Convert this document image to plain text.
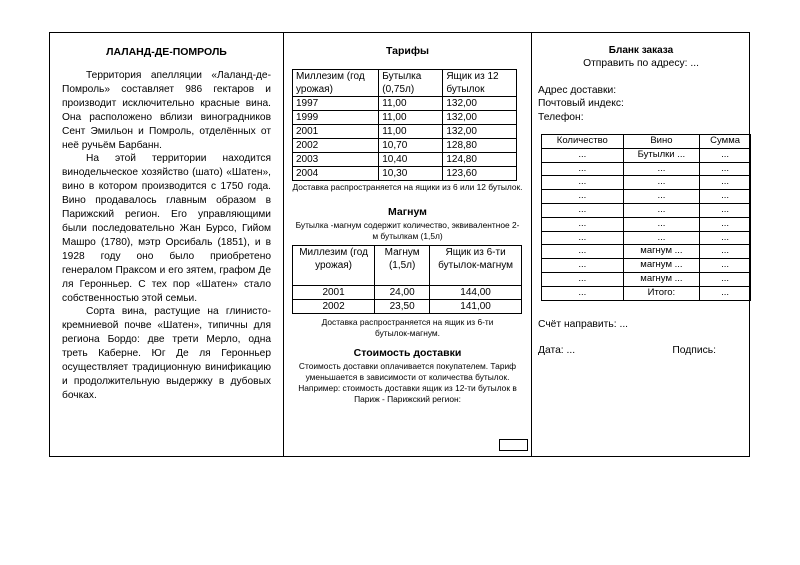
ЛАЛАНД-ДЕ-ПОМРОЛЬ

Территория апелляции «Лаланд-де-Помроль» составляет 986 гектаров и производит исключительно красные вина. Она расположено вблизи виноградников Сент Эмильон и Помроль, отделённых от неё ручьём Барбанн.

На этой территории находится винодельческое хозяйство (шато) «Шатен», вино в котором производится с 1750 года. Вино продавалось главным образом в Парижский регион. Его управляющими были последовательно Жан Бурсо, Гийом Машро (1780), мэтр Орсибаль (1851), и в 1928 году оно было приобретено генералом Праксом и его зятем, графом Де ля Геронньер. С тех пор «Шатен» стало собственностью этой семьи.

Сорта вина, растущие на глинисто-кремниевой почве «Шатен», типичны для региона Бордо: две трети Мерло, одна треть Каберне. Юг Де ля Геронньер осуществляет традиционную винификацию и продолжительную выдержку в дубовых бочках.

Тарифы

Миллезим (год урожая)	Бутылка (0,75л)	Ящик из 12 бутылок
1997	11,00	132,00
1999	11,00	132,00
2001	11,00	132,00
2002	10,70	128,80
2003	10,40	124,80
2004	10,30	123,60

Доставка распространяется на ящики из 6 или 12 бутылок.

Магнум

Бутылка -магнум содержит количество, эквивалентное 2-м бутылкам (1,5л)

Миллезим (год урожая)	Магнум (1,5л)	Ящик из 6-ти бутылок-магнум
2001	24,00	144,00
2002	23,50	141,00

Доставка распространяется на ящик из 6-ти бутылок-магнум.

Стоимость доставки

Стоимость доставки оплачивается покупателем. Тариф уменьшается в зависимости от количества бутылок. Например: стоимость доставки ящик из 12-ти бутылок в Париж - Парижский регион:

Бланк заказа

Отправить по адресу: ...

Адрес доставки:

Почтовый индекс:

Телефон:

Количество	Вино	Сумма
...	Бутылки ...	...
...	...	...
...	...	...
...	...	...
...	...	...
...	...	...
...	...	...
...	магнум ...	...
...	магнум ...	...
...	магнум ...	...
...	Итого:	...

Счёт направить: ...

Дата: ...	Подпись:
